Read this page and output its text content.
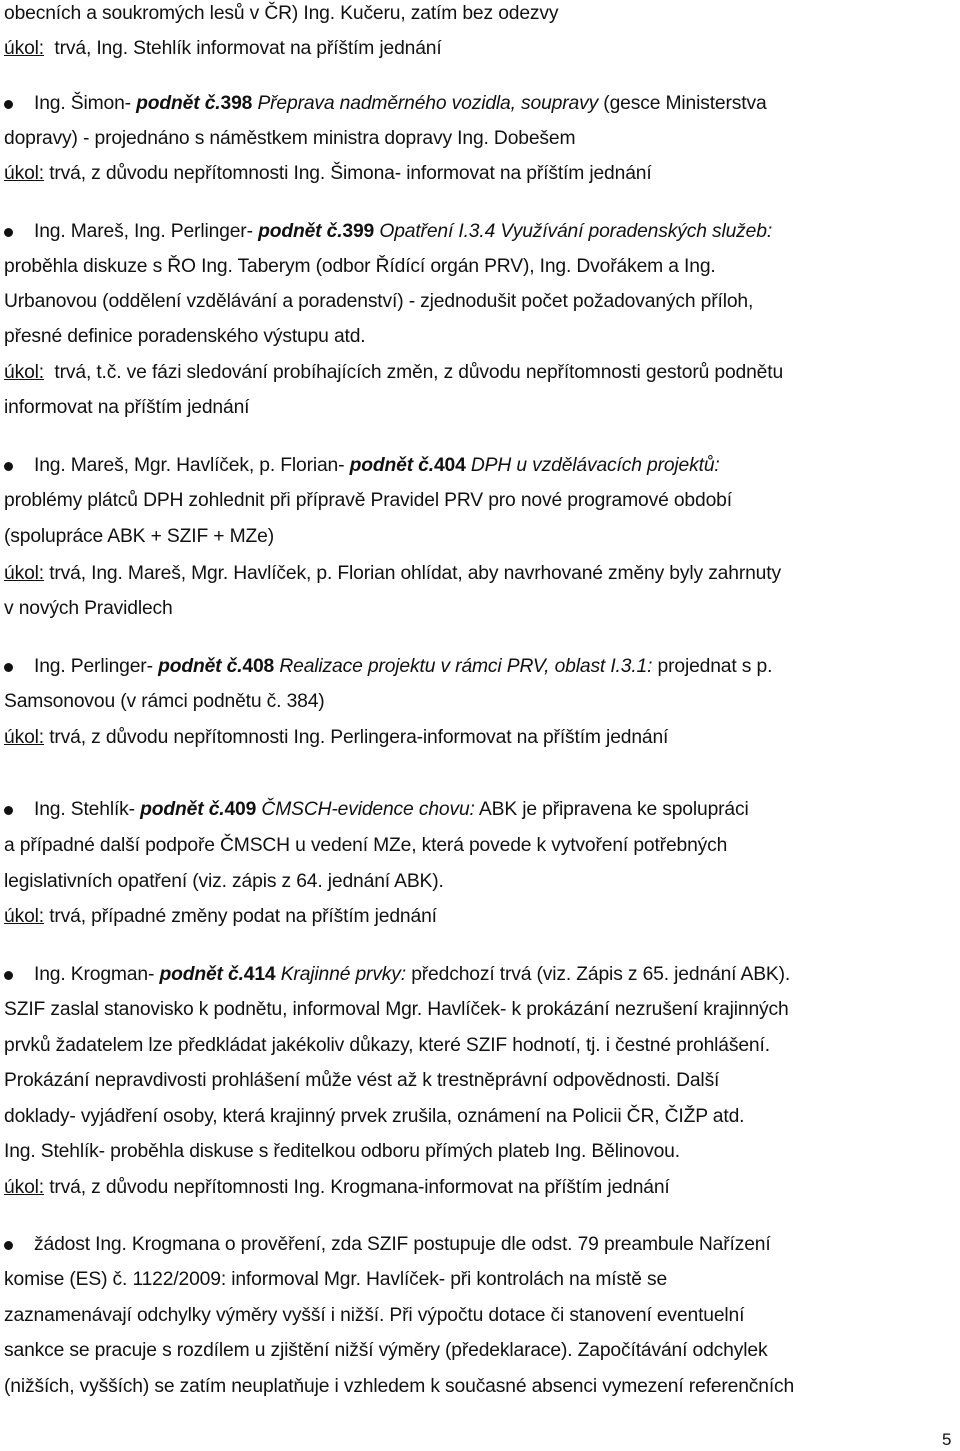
obecních a soukromých lesů v ČR) Ing. Kučeru, zatím bez odezvy

úkol:  trvá, Ing. Stehlík informovat na příštím jednání

Ing. Šimon- podnět č.398 Přeprava nadměrného vozidla, soupravy (gesce Ministerstva

dopravy) - projednáno s náměstkem ministra dopravy Ing. Dobešem

úkol: trvá, z důvodu nepřítomnosti Ing. Šimona- informovat na příštím jednání

Ing. Mareš, Ing. Perlinger- podnět č.399 Opatření I.3.4 Využívání poradenských služeb:

proběhla diskuze s ŘO Ing. Taberym (odbor Řídící orgán PRV), Ing. Dvořákem a Ing.

Urbanovou (oddělení vzdělávání a poradenství) - zjednodušit počet požadovaných příloh,

přesné definice poradenského výstupu atd.

úkol:  trvá, t.č. ve fázi sledování probíhajících změn, z důvodu nepřítomnosti gestorů podnětu

informovat na příštím jednání

Ing. Mareš, Mgr. Havlíček, p. Florian- podnět č.404 DPH u vzdělávacích projektů:

problémy plátců DPH zohlednit při přípravě Pravidel PRV pro nové programové období

(spolupráce ABK + SZIF + MZe)

úkol: trvá, Ing. Mareš, Mgr. Havlíček, p. Florian ohlídat, aby navrhované změny byly zahrnuty

v nových Pravidlech

Ing. Perlinger- podnět č.408 Realizace projektu v rámci PRV, oblast I.3.1: projednat s p.

Samsonovou (v rámci podnětu č. 384)

úkol: trvá, z důvodu nepřítomnosti Ing. Perlingera-informovat na příštím jednání

Ing. Stehlík- podnět č.409 ČMSCH-evidence chovu: ABK je připravena ke spolupráci

a případné další podpoře ČMSCH u vedení MZe, která povede k vytvoření potřebných

legislativních opatření (viz. zápis z 64. jednání ABK).

úkol: trvá, případné změny podat na příštím jednání

Ing. Krogman- podnět č.414 Krajinné prvky: předchozí trvá (viz. Zápis z 65. jednání ABK).

SZIF zaslal stanovisko k podnětu, informoval Mgr. Havlíček- k prokázání nezrušení krajinných

prvků žadatelem lze předkládat jakékoliv důkazy, které SZIF hodnotí, tj. i čestné prohlášení.

Prokázání nepravdivosti prohlášení může vést až k trestněprávní odpovědnosti. Další

doklady- vyjádření osoby, která krajinný prvek zrušila, oznámení na Policii ČR, ČIŽP atd.

Ing. Stehlík- proběhla diskuse s ředitelkou odboru přímých plateb Ing. Bělinovou.

úkol: trvá, z důvodu nepřítomnosti Ing. Krogmana-informovat na příštím jednání

žádost Ing. Krogmana o prověření, zda SZIF postupuje dle odst. 79 preambule Nařízení

komise (ES) č. 1122/2009: informoval Mgr. Havlíček- při kontrolách na místě se

zaznamenávají odchylky výměry vyšší i nižší. Při výpočtu dotace či stanovení eventuelní

sankce se pracuje s rozdílem u zjištění nižší výměry (předeklarace). Započítávání odchylek

(nižších, vyšších) se zatím neuplatňuje i vzhledem k současné absenci vymezení referenčních

5
